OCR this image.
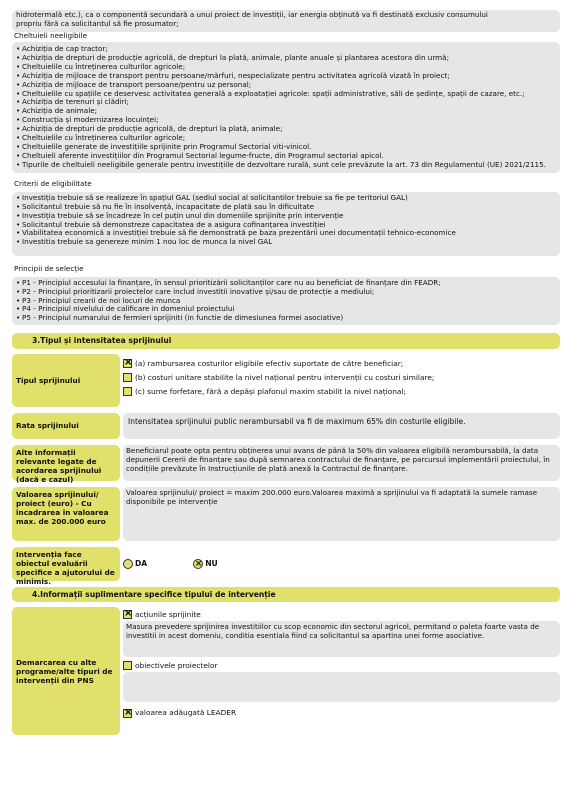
hidrotermală etc.), ca o componentă secundară a unui proiect de investiții, iar energia obținută va fi destinată exclusiv consumului
propriu fără ca solicitantul să fie prosumator;
Cheltuieli neeligibile
• Achiziția de cap tractor;
• Achiziția de drepturi de producție agricolă, de drepturi la plată, animale, plante anuale și plantarea acestora din urmă;
• Cheltuielile cu întreținerea culturilor agricole;
• Achiziția de mijloace de transport pentru persoane/mărfuri, nespecializate pentru activitatea agricolă vizată în proiect;
• Achiziția de mijloace de transport persoane/pentru uz personal;
• Cheltuielile cu spațiile ce deservesc activitatea generală a exploatației agricole: spații administrative, săli de ședințe, spații de cazare, etc.;
• Achiziția de terenuri și clădiri;
• Achiziția de animale;
• Construcția și modernizarea locuinței;
• Achiziția de drepturi de producție agricolă, de drepturi la plată, animale;
• Cheltuielile cu întreținerea culturilor agricole;
• Cheltuielile generate de investițiile sprijinite prin Programul Sectorial viti-vinicol.
• Cheltuieli aferente investițiilor din Programul Sectorial legume-fructe, din Programul sectorial apicol.
• Tipurile de cheltuieli neeligibile generale pentru investițiile de dezvoltare rurală, sunt cele prevăzute la art. 73 din Regulamentul (UE) 2021/2115.
Criterii de eligibilitate
• Investiția trebuie să se realizeze în spațiul GAL (sediul social al solicitantilor trebuie sa fie pe teritoriul GAL)
• Solicitantul trebuie să nu fie în insolvență, incapacitate de plată sau în dificultate
• Investiția trebuie să se încadreze în cel puțin unul din domeniile sprijinite prin intervenție
• Solicitantul trebuie să demonstreze capacitatea de a asigura cofinanțarea investiției
• Viabilitatea economică a investiției trebuie să fie demonstrată pe baza prezentării unei documentații tehnico-economice
• Investitia trebuie sa genereze minim 1 nou loc de munca la nivel GAL
Principii de selecție
• P1 - Principiul accesului la finanțare, în sensul prioritizării solicitanților care nu au beneficiat de finanțare din FEADR;
• P2 - Principiul prioritizarii proiectelor care includ investitii inovative și/sau de protecție a mediului;
• P3 - Principiul crearii de noi locuri de munca
• P4 - Principiul nivelului de calificare in domeniul proiectului
• P5 - Principiul numarului de fermieri sprijiniti (in functie de dimesiunea formei asociative)
3.Tipul și intensitatea sprijinului
Tipul sprijinului
×
(a) rambursarea costurilor eligibile efectiv suportate de către beneficiar;
(b) costuri unitare stabilite la nivel național pentru intervenții cu costuri similare;
(c) sume forfetare, fără a depăși plafonul maxim stabilit la nivel național;
Rata sprijinului	Intensitatea sprijinului public nerambursabil va fi de maximum 65% din costurile eligibile.
Alte informații relevante legate de acordarea sprijinului (dacă e cazul)
Beneficiarul poate opta pentru obținerea unui avans de până la 50% din valoarea eligibilă nerambursabilă, la data depunerii Cererii de finanțare sau după semnarea contractului de finanțare, pe parcursul implementării proiectului, în condițiile prevăzute în Instrucțiunile de plată anexă la Contractul de finanțare.
Valoarea sprijinului/ proiect (euro) - Cu încadrarea în valoarea max. de 200.000 euro
Valoarea sprijinului/ proiect = maxim 200.000 euro.Valoarea maximă a sprijinului va fi adaptată la sumele ramase disponibile pe intervenție
Intervenția face obiectul evaluării specifice a ajutorului de minimis.
DA
×	NU
4.Informații suplimentare specifice tipului de intervenție
Demarcarea cu alte programe/alte tipuri de intervenții din PNS
×
acțiunile sprijinite
Masura prevedere sprijinirea investitiilor cu scop economic din sectorul agricol, permitand o paleta foarte vasta de investitii in acest domeniu, conditia esentiala fiind ca solicitantul sa apartina unei forme asociative.
obiectivele proiectelor
×
valoarea adăugată LEADER
